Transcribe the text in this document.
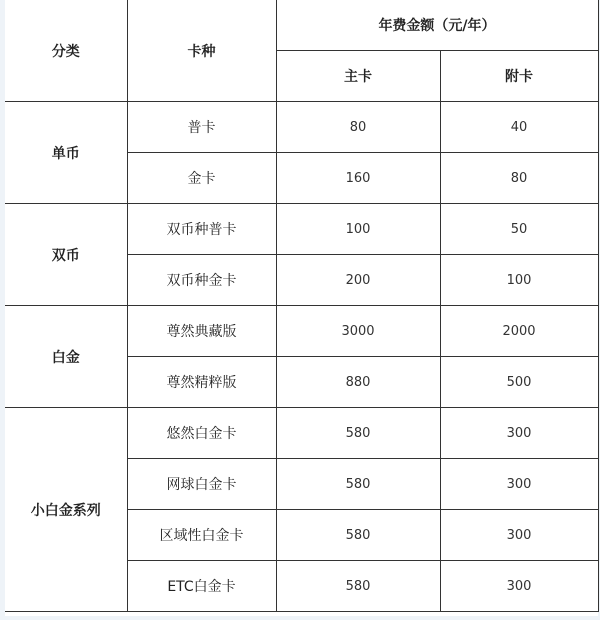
分类	卡种	年费金额（元/年）	
		主卡	附卡
单币	普卡	80	40
	金卡	160	80
双币	双币种普卡	100	50
	双币种金卡	200	100
白金	尊然典藏版	3000	2000
	尊然精粹版	880	500
小白金系列	悠然白金卡	580	300
	网球白金卡	580	300
	区域性白金卡	580	300
	ETC白金卡	580	300
